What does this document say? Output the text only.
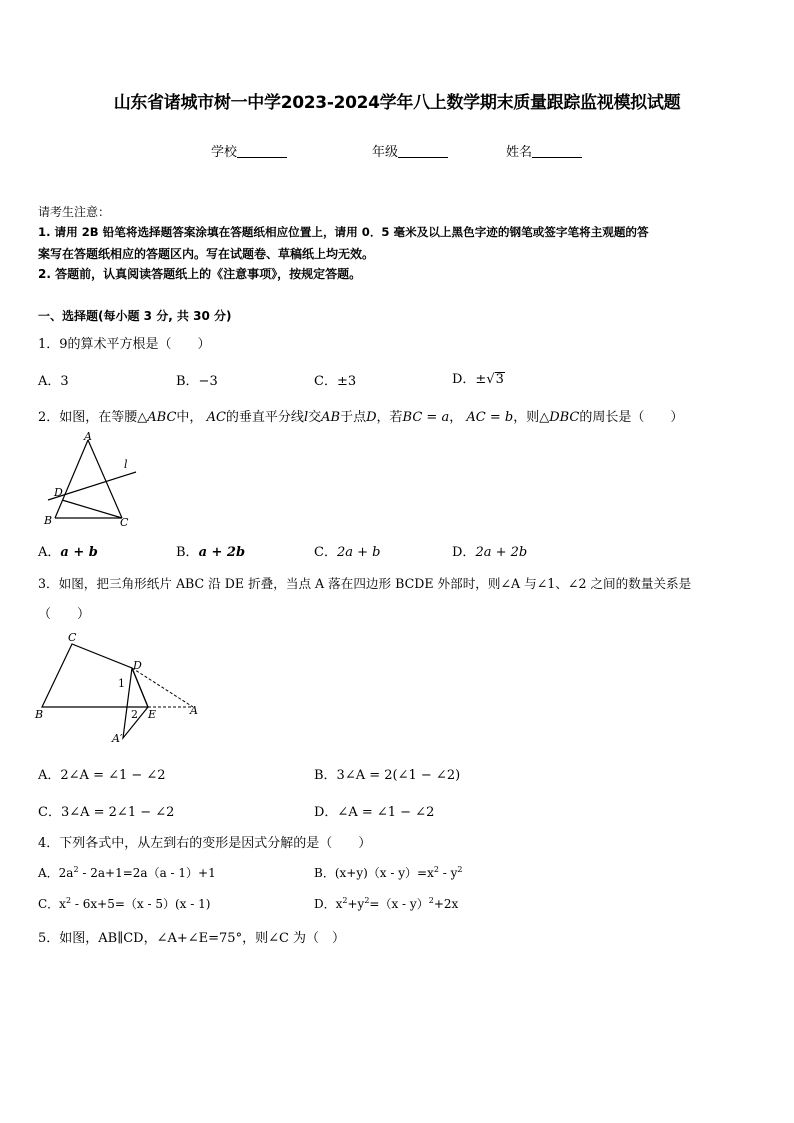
山东省诸城市树一中学2023-2024学年八上数学期末质量跟踪监视模拟试题
学校	年级	姓名
请考生注意：
1. 请用 2B 铅笔将选择题答案涂填在答题纸相应位置上，请用 0．5 毫米及以上黑色字迹的钢笔或签字笔将主观题的答
案写在答题纸相应的答题区内。写在试题卷、草稿纸上均无效。
2. 答题前，认真阅读答题纸上的《注意事项》，按规定答题。
一、选择题(每小题 3 分, 共 30 分)
1．9的算术平方根是（　　）
A．3	B．−3	C．±3	D．±√3
2．如图，在等腰△ABC中， AC的垂直平分线l交AB于点D，若BC = a， AC = b，则△DBC的周长是（　　）
A
B	C
D
l
A．a + b	B．a + 2b	C．2a + b	D．2a + 2b
3．如图，把三角形纸片 ABC 沿 DE 折叠，当点 A 落在四边形 BCDE 外部时，则∠A 与∠1、∠2 之间的数量关系是
（　　）
C
D
B	E	A
A′
1
2
A．2∠A = ∠1 − ∠2	B．3∠A = 2(∠1 − ∠2)
C．3∠A = 2∠1 − ∠2	D．∠A = ∠1 − ∠2
4．下列各式中，从左到右的变形是因式分解的是（　　）
A．$2a^2 - 2a+1=2a(a - 1)+1$	B．$(x+y)(x - y)=x^2 - y^2$
C．$x^2 - 6x+5=(x - 5)(x - 1)$	D．$x^2+y^2=(x - y)^2+2x$
5．如图，AB∥CD，∠A+∠E=75°，则∠C 为（　）
